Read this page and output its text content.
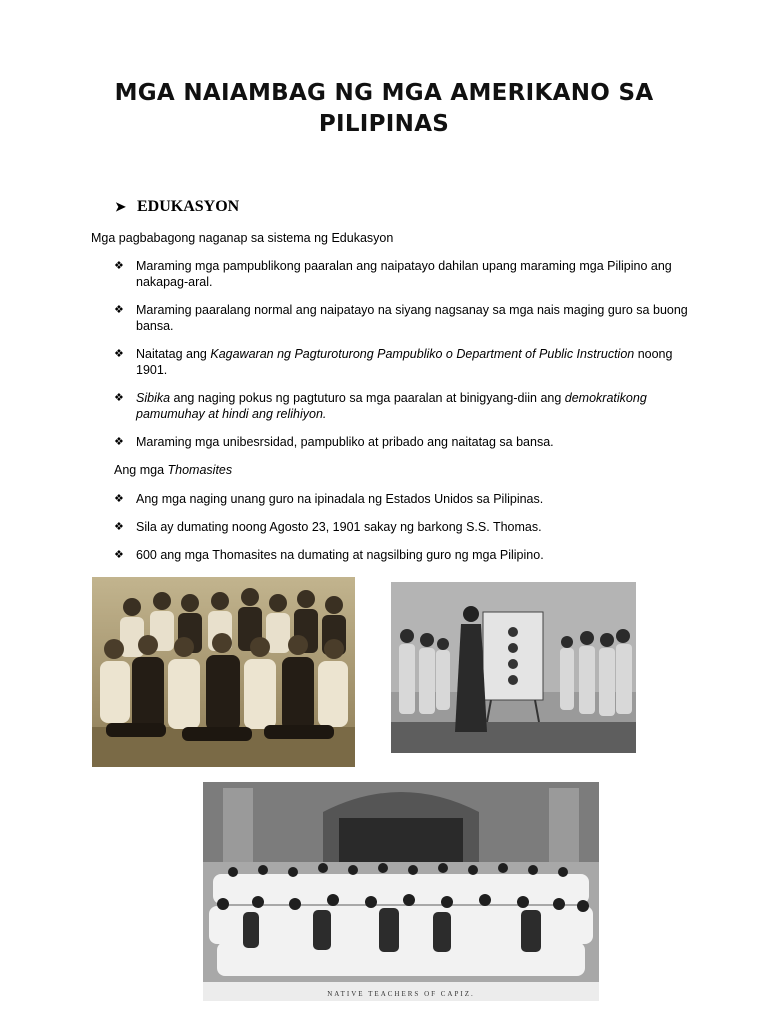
MGA NAIAMBAG NG MGA AMERIKANO SA
PILIPINAS
➤ EDUKASYON
Mga pagbabagong naganap sa sistema ng Edukasyon
❖ Maraming mga pampublikong paaralan ang naipatayo dahilan upang maraming mga Pilipino ang nakapag-aral.
❖ Maraming paaralang normal ang naipatayo na siyang nagsanay sa mga nais maging guro sa buong bansa.
❖ Naitatag ang Kagawaran ng Pagturoturong Pampubliko o Department of Public Instruction noong 1901.
❖ Sibika ang naging pokus ng pagtuturo sa mga paaralan at binigyang-diin ang demokratikong pamumuhay at hindi ang relihiyon.
❖ Maraming mga unibesrsidad, pampubliko at pribado ang naitatag sa bansa.
Ang mga Thomasites
❖ Ang mga naging unang guro na ipinadala ng Estados Unidos sa Pilipinas.
❖ Sila ay dumating noong Agosto 23, 1901 sakay ng barkong S.S. Thomas.
❖ 600 ang mga Thomasites na dumating at nagsilbing guro ng mga Pilipino.
NATIVE TEACHERS OF CAPIZ.
